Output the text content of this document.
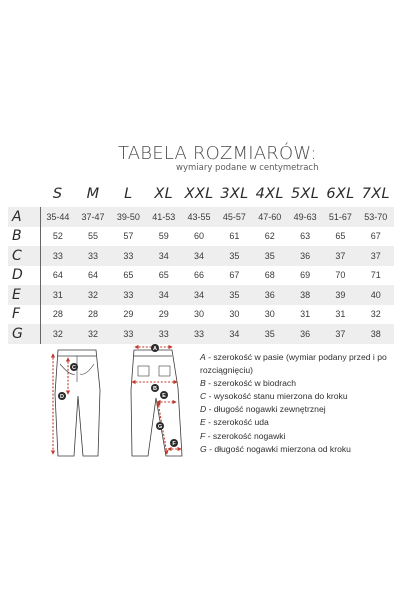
TABELA ROZMIARÓW:
wymiary podane w centymetrach
	S	M	L	XL	XXL	3XL	4XL	5XL	6XL	7XL
A	35-44	37-47	39-50	41-53	43-55	45-57	47-60	49-63	51-67	53-70
B	52	55	57	59	60	61	62	63	65	67
C	33	33	33	34	34	35	35	36	37	37
D	64	64	65	65	66	67	68	69	70	71
E	31	32	33	34	34	35	36	38	39	40
F	28	28	29	29	30	30	30	31	31	32
G	32	32	33	33	33	34	35	36	37	38
A
B
C
D	E
F
G
A - szerokość w pasie (wymiar podany przed i po rozciągnięciu)
B - szerokość w biodrach
C - wysokość stanu mierzona do kroku
D - długość nogawki zewnętrznej
E - szerokość uda
F - szerokość nogawki
G - długość nogawki mierzona od kroku
